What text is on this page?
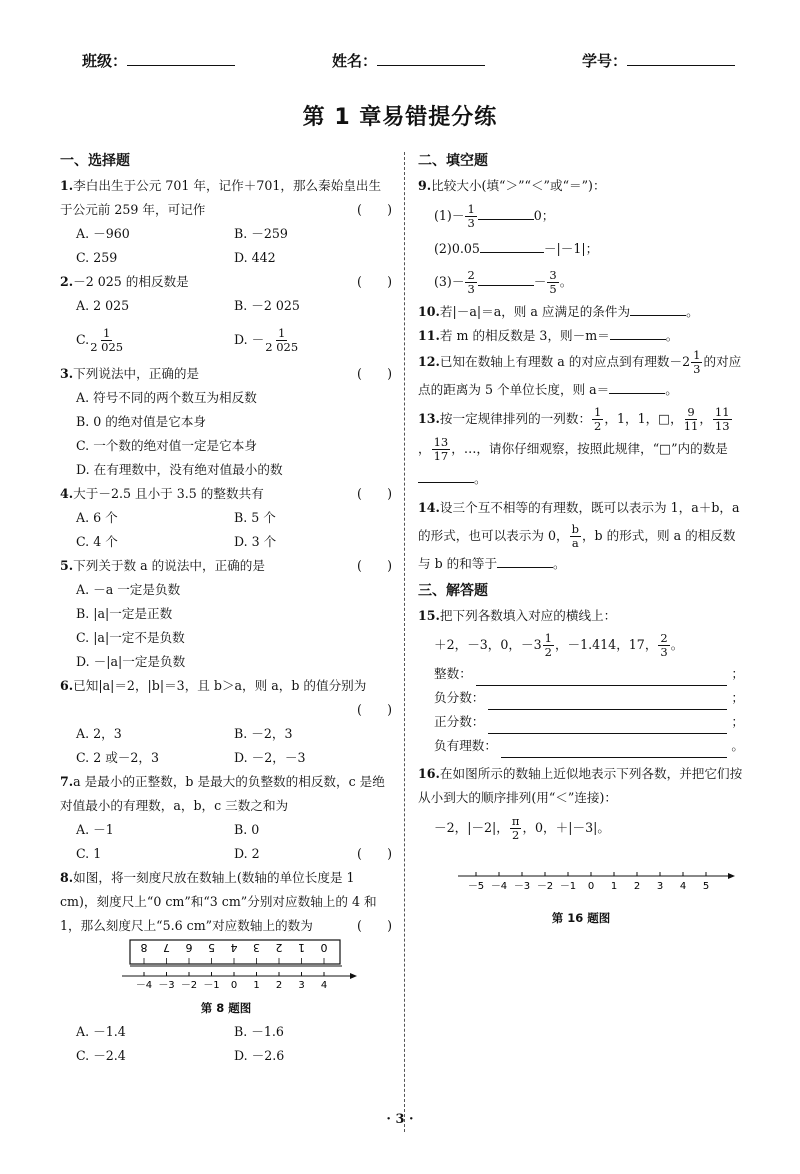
班级：	姓名：	学号：
第 1 章易错提分练
一、选择题
1.李白出生于公元 701 年，记作＋701，那么秦始皇出生于公元前 259 年，可记作	(　　)
A. －960	B. －259
C. 259	D. 442
2.－2 025 的相反数是	(　　)
A. 2 025	B. －2 025
C. $\frac{1}{2 025}$	D. － $\frac{1}{2 025}$
3.下列说法中，正确的是	(　　)
A. 符号不同的两个数互为相反数
B. 0 的绝对值是它本身
C. 一个数的绝对值一定是它本身
D. 在有理数中，没有绝对值最小的数
4.大于－2.5 且小于 3.5 的整数共有	(　　)
A. 6 个	B. 5 个
C. 4 个	D. 3 个
5.下列关于数 a 的说法中，正确的是	(　　)
A. －a 一定是负数
B. |a|一定是正数
C. |a|一定不是负数
D. －|a|一定是负数
6.已知|a|＝2，|b|＝3，且 b＞a，则 a，b 的值分别为
(　　)
A. 2，3	B. －2，3
C. 2 或－2，3	D. －2，－3
7.a 是最小的正整数，b 是最大的负整数的相反数，c 是绝对值最小的有理数，a，b，c 三数之和为
(　　)
A. －1	B. 0
C. 1	D. 2
8.如图，将一刻度尺放在数轴上(数轴的单位长度是 1 cm)，刻度尺上“0 cm”和“3 cm”分别对应数轴上的 4 和 1，那么刻度尺上“5.6 cm”对应数轴上的数为	(　　)
8 7 6 5 4 3 2 1 0
－4 －3 －2 －1 0 1 2 3 4
第 8 题图
A. －1.4	B. －1.6
C. －2.4	D. －2.6
二、填空题
9.比较大小(填“＞”“＜”或“＝”)：
$(1)- \frac{1}{3}$	0；
(2)0.05	－|－1|；
$(3)- \frac{2}{3}$	－ $\frac{3}{5}$ 。
10.若|－a|＝a，则 a 应满足的条件为	。
11.若 m 的相反数是 3，则－m＝	。
12.已知在数轴上有理数 a 的对应点到有理数$-2 \frac{1}{3}$ 的对应点的距离为 5 个单位长度，则 a＝	。
13.按一定规律排列的一列数： $\frac{1}{2}$ ，1，1，□， $\frac{9}{11}$ ， $\frac{11}{13}$
， $\frac{13}{17}$ ，…，请你仔细观察，按照此规律，“□”内的数是。
14.设三个互不相等的有理数，既可以表示为 1，a＋b，a 的形式，也可以表示为 0， $\frac{b}{a}$ ，b 的形式，则 a 的相反数与 b 的和等于	。
三、解答题
15.把下列各数填入对应的横线上：
＋2，－3，0，$-3 \frac{1}{2}$ ，－1.414，17， $\frac{2}{3}$ 。
整数：	；
负分数：	；
正分数：	；
负有理数：	。
16.在如图所示的数轴上近似地表示下列各数，并把它们按从小到大的顺序排列(用“＜”连接)：
－2，|－2|， $\frac{\pi}{2}$ ，0，＋|－3|。
－5 －4 －3 －2 －1 0 1 2 3 4 5
第 16 题图
· 3 ·
